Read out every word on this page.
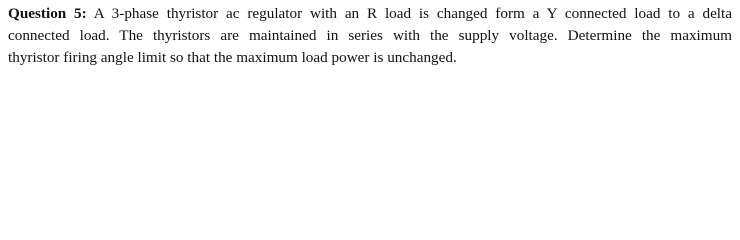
Question 5: A 3-phase thyristor ac regulator with an R load is changed form a Y connected load to a delta
connected load. The thyristors are maintained in series with the supply voltage. Determine the maximum
thyristor firing angle limit so that the maximum load power is unchanged.
